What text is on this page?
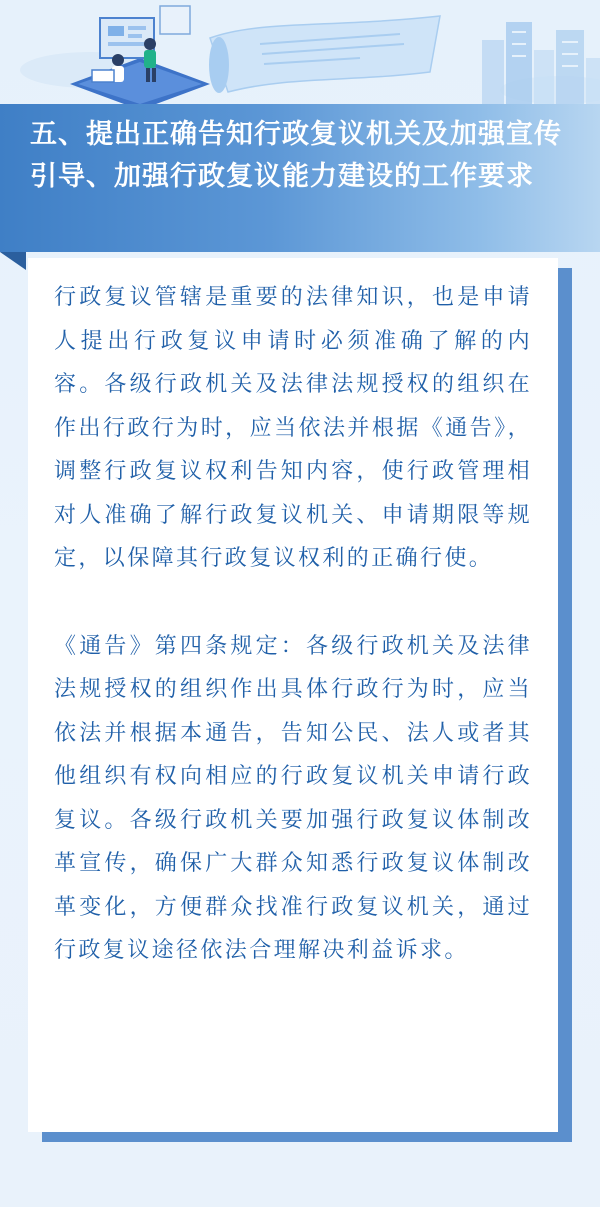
五、提出正确告知行政复议机关及加强宣传引导、加强行政复议能力建设的工作要求

行政复议管辖是重要的法律知识，也是申请人提出行政复议申请时必须准确了解的内容。各级行政机关及法律法规授权的组织在作出行政行为时，应当依法并根据《通告》，调整行政复议权利告知内容，使行政管理相对人准确了解行政复议机关、申请期限等规定，以保障其行政复议权利的正确行使。

《通告》第四条规定：各级行政机关及法律法规授权的组织作出具体行政行为时，应当依法并根据本通告，告知公民、法人或者其他组织有权向相应的行政复议机关申请行政复议。各级行政机关要加强行政复议体制改革宣传，确保广大群众知悉行政复议体制改革变化，方便群众找准行政复议机关，通过行政复议途径依法合理解决利益诉求。
